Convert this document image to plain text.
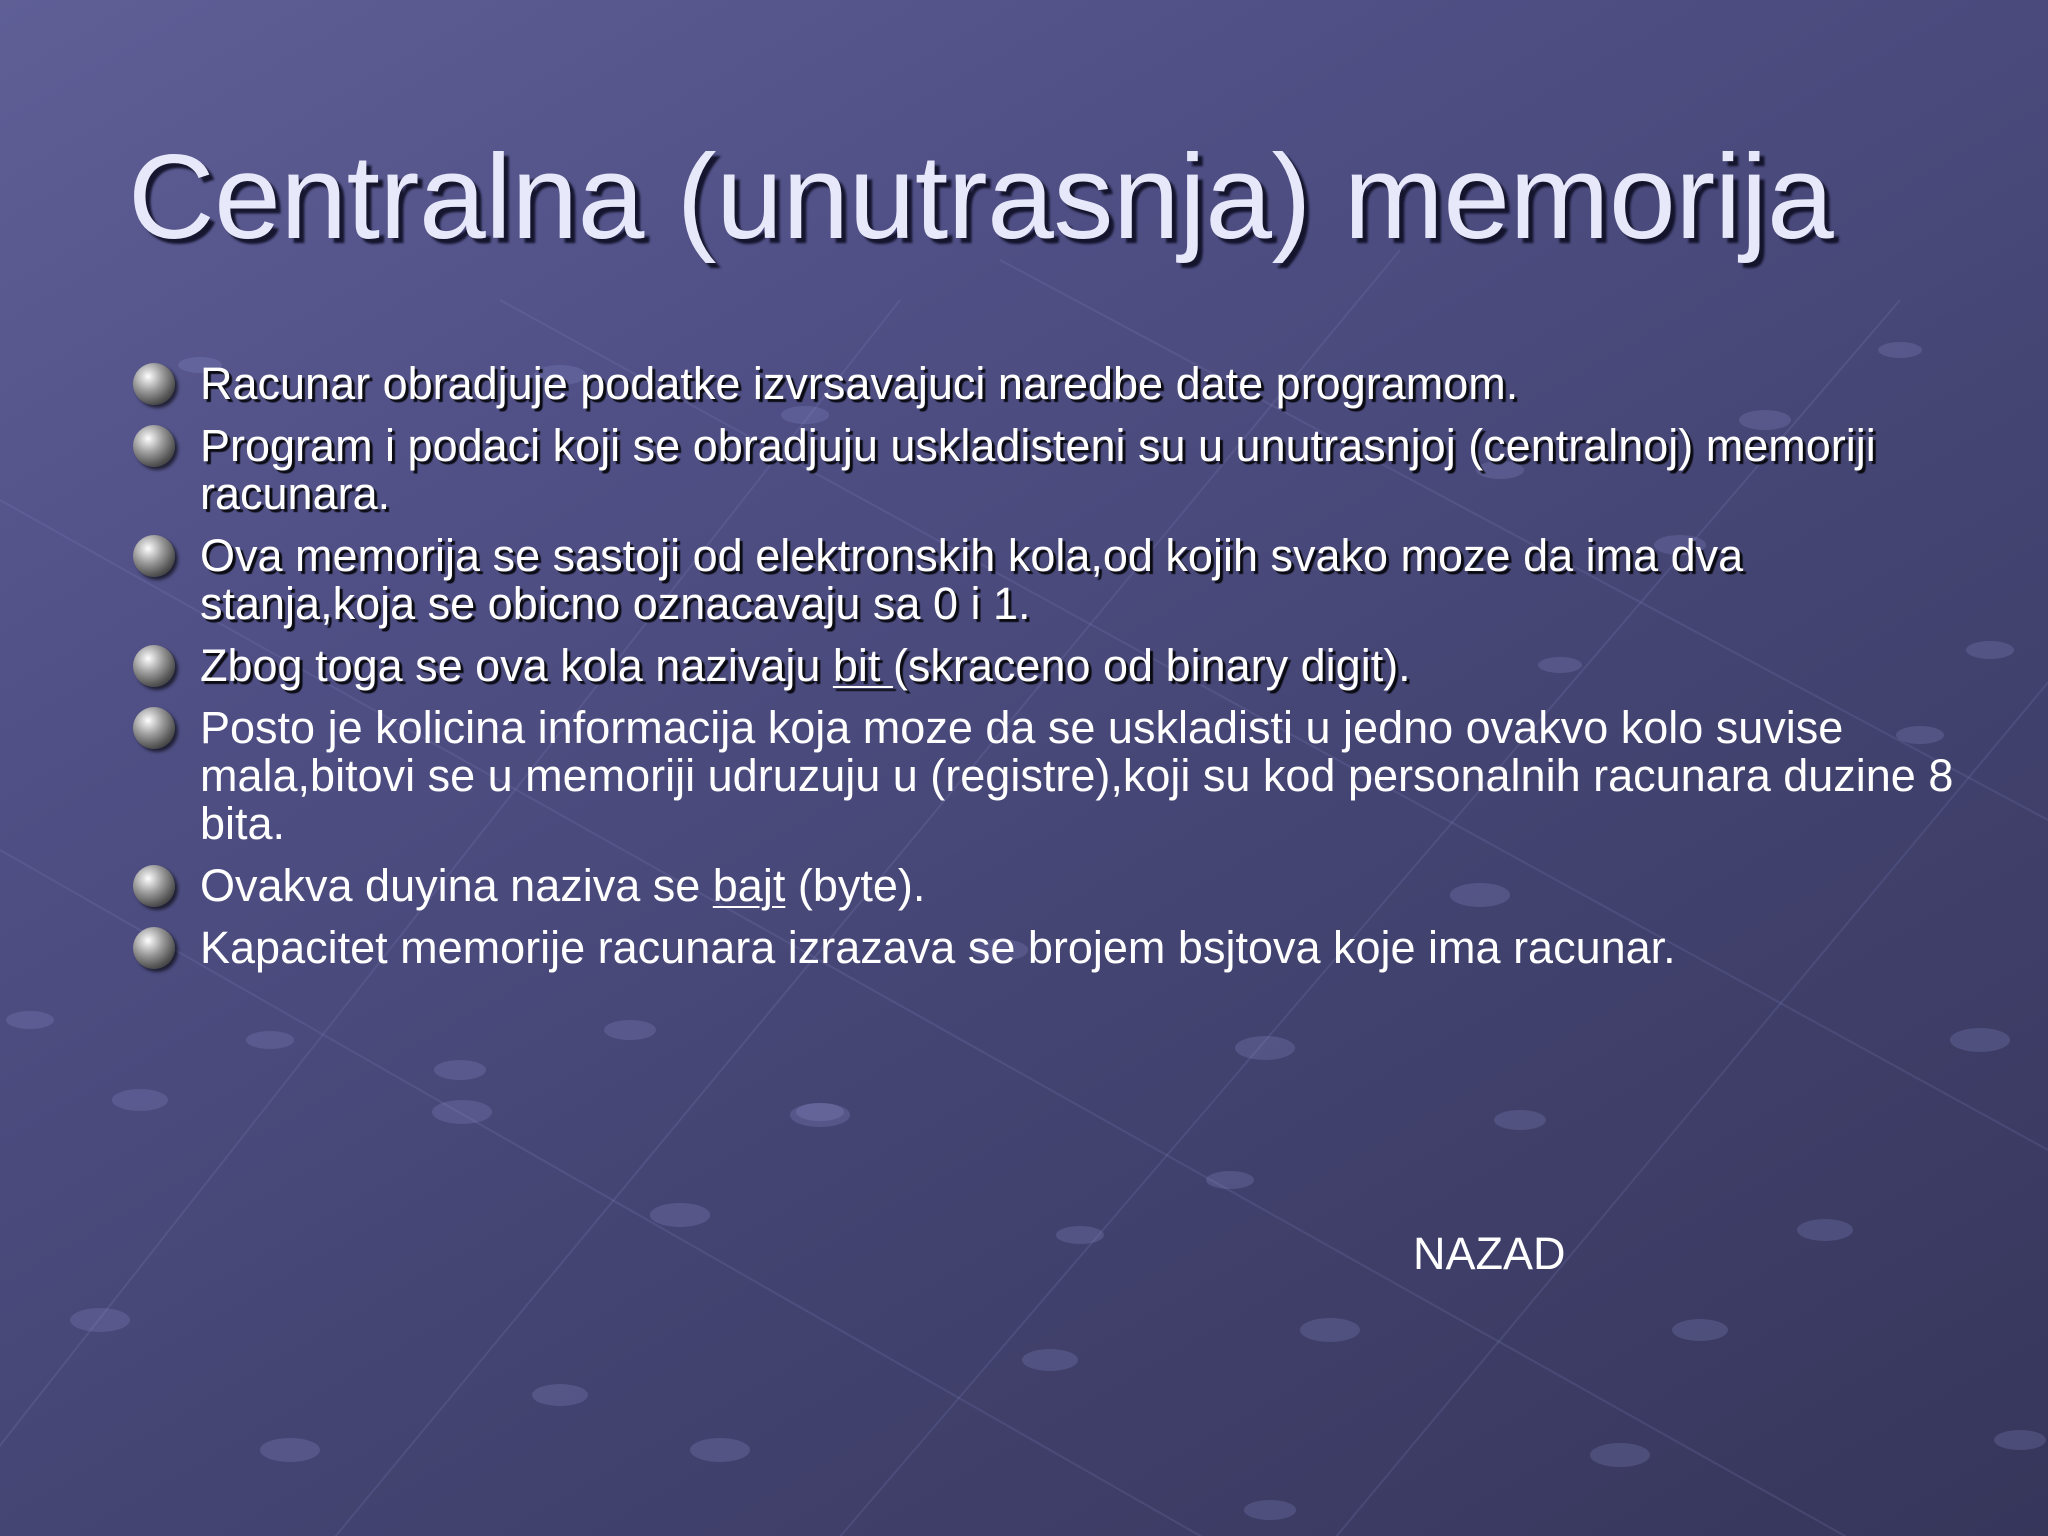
Centralna (unutrasnja) memorija
Racunar obradjuje podatke izvrsavajuci naredbe date programom.
Program i podaci koji se obradjuju uskladisteni su u unutrasnjoj (centralnoj) memoriji racunara.
Ova memorija se sastoji od elektronskih kola,od kojih svako moze da ima dva stanja,koja se obicno oznacavaju sa 0 i 1.
Zbog toga se ova kola nazivaju bit (skraceno od binary digit).
Posto je kolicina informacija koja moze da se uskladisti u jedno ovakvo kolo suvise mala,bitovi se u memoriji udruzuju u (registre),koji su kod personalnih racunara duzine 8 bita.
Ovakva duyina naziva se bajt (byte).
Kapacitet memorije racunara izrazava se brojem bsjtova koje ima racunar.
NAZAD
